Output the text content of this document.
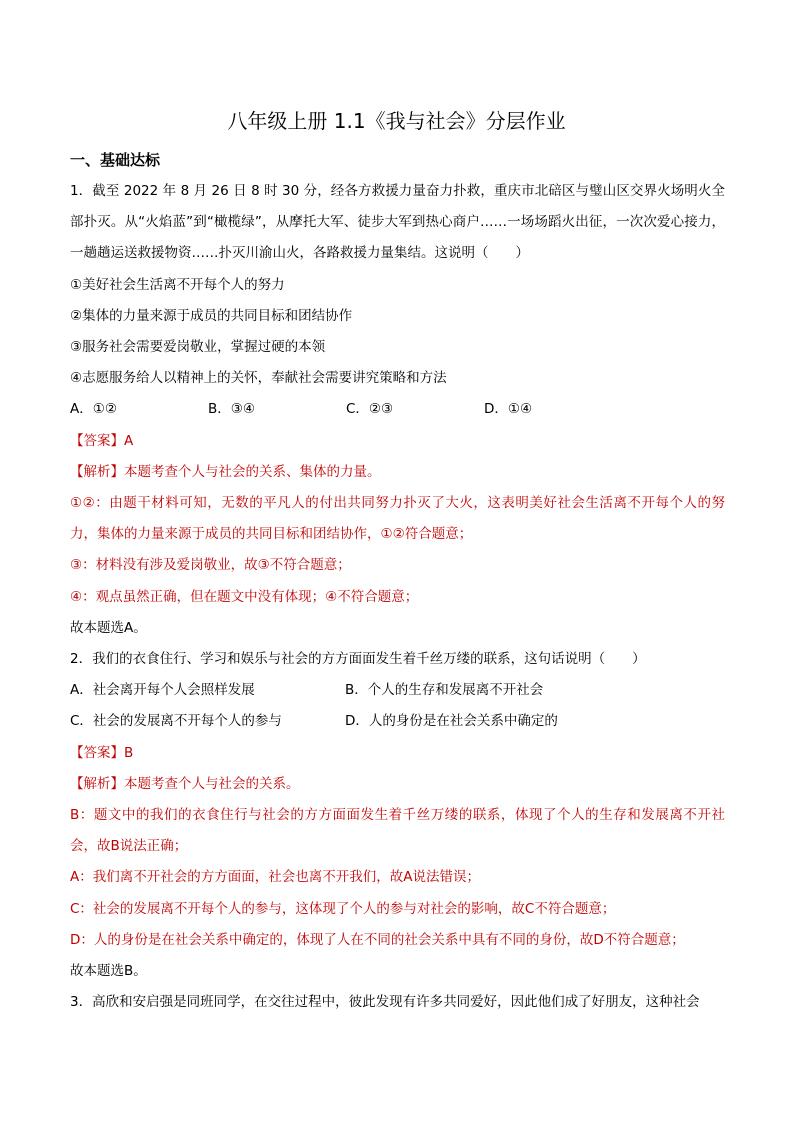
八年级上册 1.1《我与社会》分层作业
一、基础达标
1．截至 2022 年 8 月 26 日 8 时 30 分，经各方救援力量奋力扑救，重庆市北碚区与璧山区交界火场明火全部扑灭。从“火焰蓝”到“橄榄绿”，从摩托大军、徒步大军到热心商户……一场场蹈火出征，一次次爱心接力，一趟趟运送救援物资……扑灭川渝山火，各路救援力量集结。这说明（　　）
①美好社会生活离不开每个人的努力
②集体的力量来源于成员的共同目标和团结协作
③服务社会需要爱岗敬业，掌握过硬的本领
④志愿服务给人以精神上的关怀，奉献社会需要讲究策略和方法
A．①②	B．③④	C．②③	D．①④
【答案】A
【解析】本题考查个人与社会的关系、集体的力量。
①②：由题干材料可知，无数的平凡人的付出共同努力扑灭了大火，这表明美好社会生活离不开每个人的努力，集体的力量来源于成员的共同目标和团结协作，①②符合题意；
③：材料没有涉及爱岗敬业，故③不符合题意；
④：观点虽然正确，但在题文中没有体现；④不符合题意；
故本题选A。
2．我们的衣食住行、学习和娱乐与社会的方方面面发生着千丝万缕的联系，这句话说明（　　）
A．社会离开每个人会照样发展	B．个人的生存和发展离不开社会
C．社会的发展离不开每个人的参与	D．人的身份是在社会关系中确定的
【答案】B
【解析】本题考查个人与社会的关系。
B：题文中的我们的衣食住行与社会的方方面面发生着千丝万缕的联系，体现了个人的生存和发展离不开社会，故B说法正确；
A：我们离不开社会的方方面面，社会也离不开我们，故A说法错误；
C：社会的发展离不开每个人的参与，这体现了个人的参与对社会的影响，故C不符合题意；
D：人的身份是在社会关系中确定的，体现了人在不同的社会关系中具有不同的身份，故D不符合题意；
故本题选B。
3．高欣和安启强是同班同学，在交往过程中，彼此发现有许多共同爱好，因此他们成了好朋友，这种社会
